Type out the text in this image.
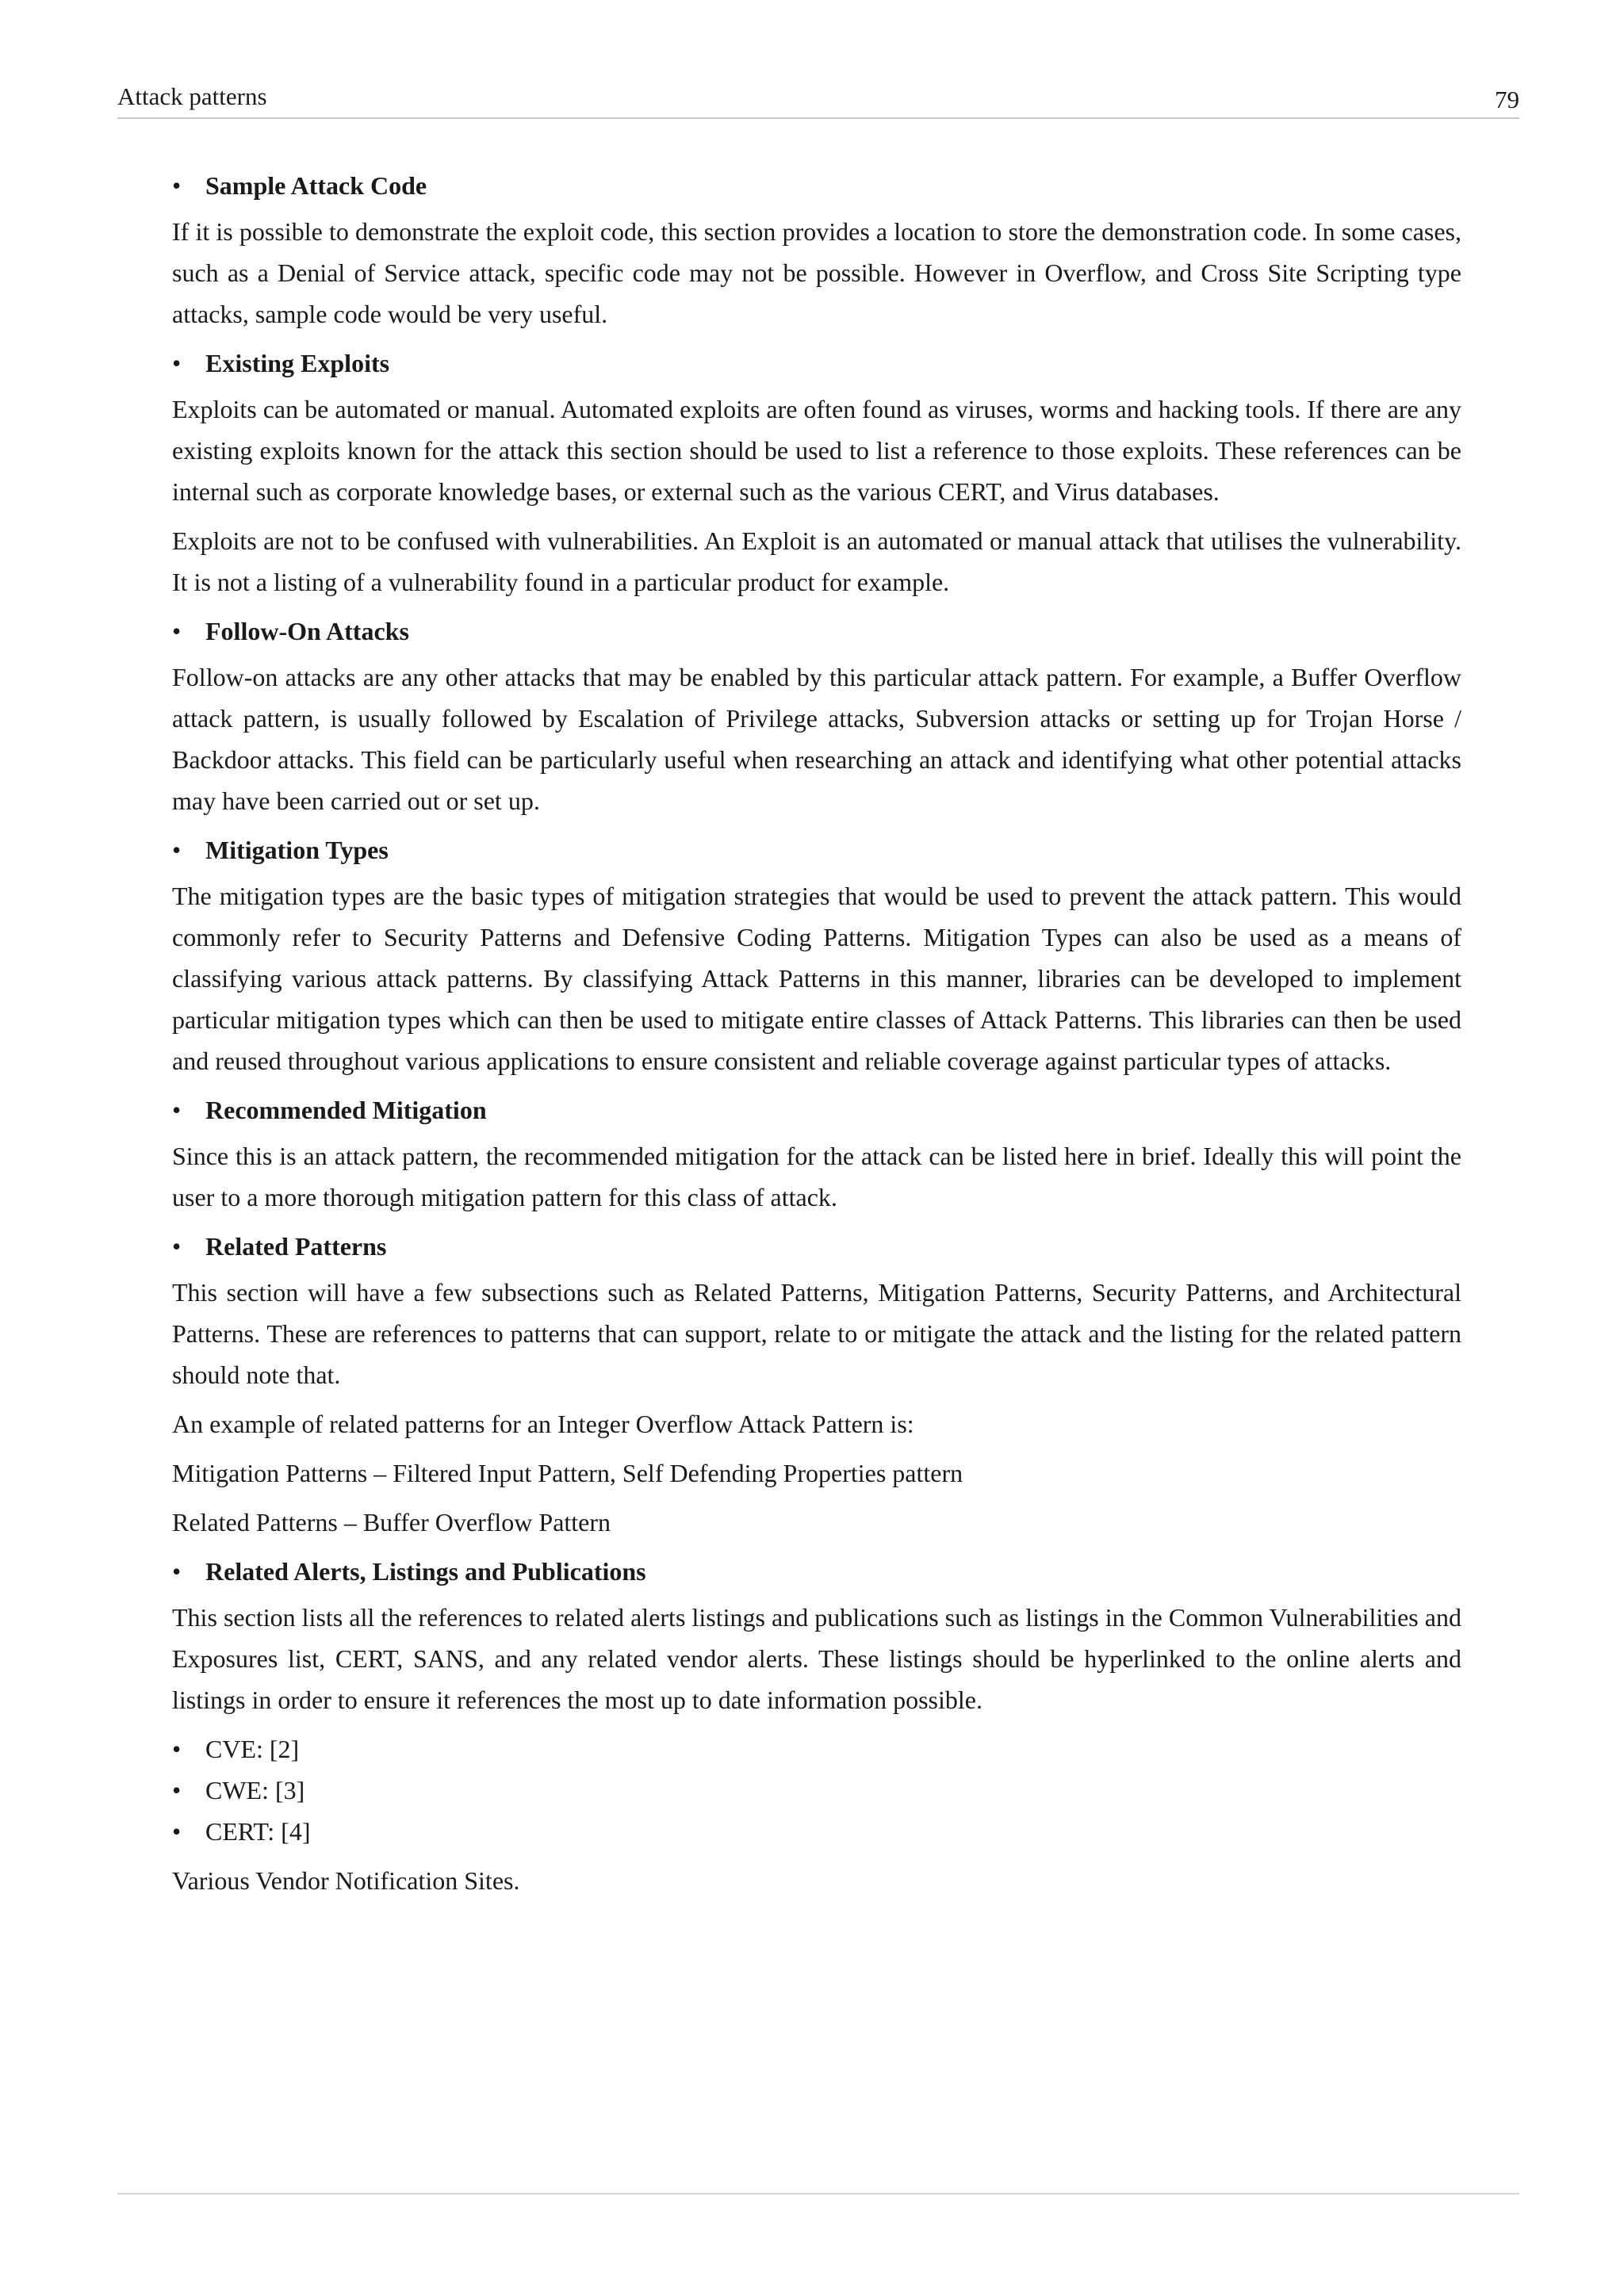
Attack patterns	79
• Sample Attack Code

If it is possible to demonstrate the exploit code, this section provides a location to store the demonstration code. In some cases, such as a Denial of Service attack, specific code may not be possible. However in Overflow, and Cross Site Scripting type attacks, sample code would be very useful.

• Existing Exploits

Exploits can be automated or manual. Automated exploits are often found as viruses, worms and hacking tools. If there are any existing exploits known for the attack this section should be used to list a reference to those exploits. These references can be internal such as corporate knowledge bases, or external such as the various CERT, and Virus databases.

Exploits are not to be confused with vulnerabilities. An Exploit is an automated or manual attack that utilises the vulnerability. It is not a listing of a vulnerability found in a particular product for example.

• Follow-On Attacks

Follow-on attacks are any other attacks that may be enabled by this particular attack pattern. For example, a Buffer Overflow attack pattern, is usually followed by Escalation of Privilege attacks, Subversion attacks or setting up for Trojan Horse / Backdoor attacks. This field can be particularly useful when researching an attack and identifying what other potential attacks may have been carried out or set up.

• Mitigation Types

The mitigation types are the basic types of mitigation strategies that would be used to prevent the attack pattern. This would commonly refer to Security Patterns and Defensive Coding Patterns. Mitigation Types can also be used as a means of classifying various attack patterns. By classifying Attack Patterns in this manner, libraries can be developed to implement particular mitigation types which can then be used to mitigate entire classes of Attack Patterns. This libraries can then be used and reused throughout various applications to ensure consistent and reliable coverage against particular types of attacks.

• Recommended Mitigation

Since this is an attack pattern, the recommended mitigation for the attack can be listed here in brief. Ideally this will point the user to a more thorough mitigation pattern for this class of attack.

• Related Patterns

This section will have a few subsections such as Related Patterns, Mitigation Patterns, Security Patterns, and Architectural Patterns. These are references to patterns that can support, relate to or mitigate the attack and the listing for the related pattern should note that.

An example of related patterns for an Integer Overflow Attack Pattern is:

Mitigation Patterns – Filtered Input Pattern, Self Defending Properties pattern

Related Patterns – Buffer Overflow Pattern

• Related Alerts, Listings and Publications

This section lists all the references to related alerts listings and publications such as listings in the Common Vulnerabilities and Exposures list, CERT, SANS, and any related vendor alerts. These listings should be hyperlinked to the online alerts and listings in order to ensure it references the most up to date information possible.

• CVE: [2]
• CWE: [3]
• CERT: [4]

Various Vendor Notification Sites.
